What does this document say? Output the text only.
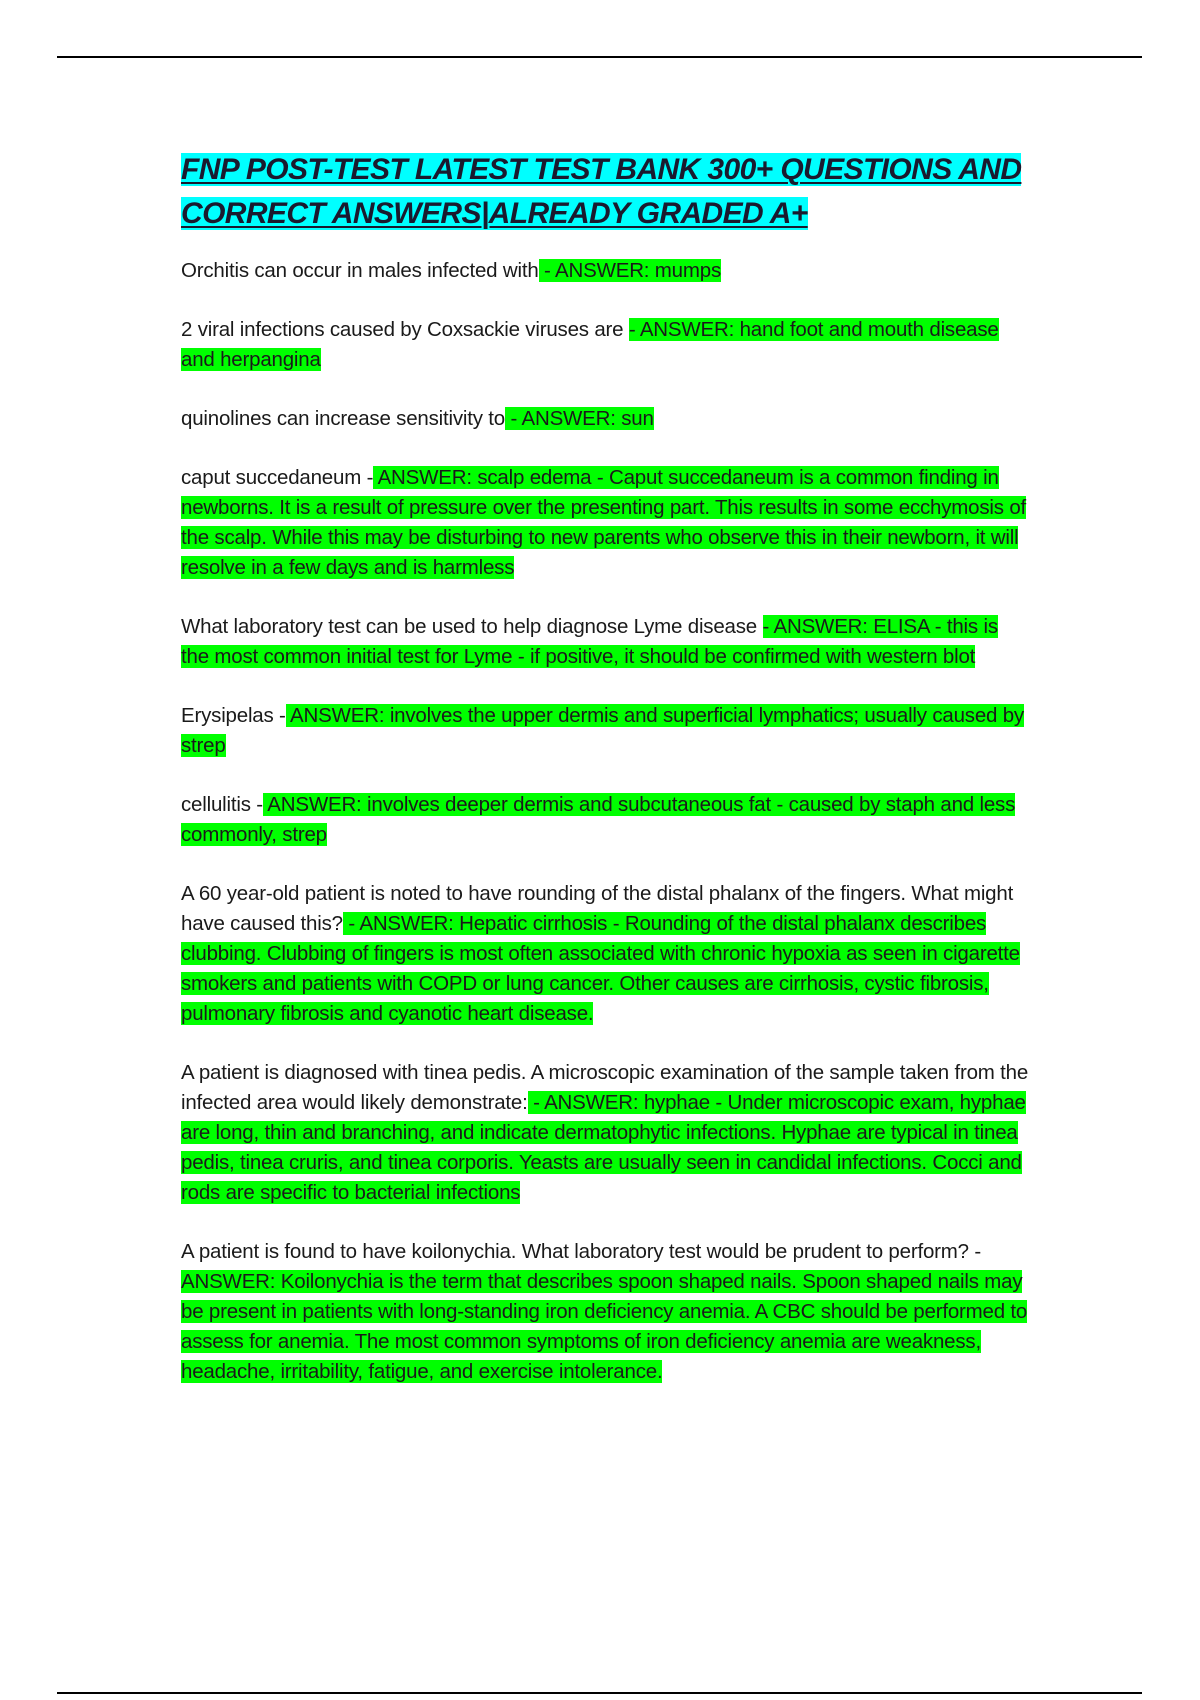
FNP POST-TEST LATEST TEST BANK 300+ QUESTIONS AND CORRECT ANSWERS|ALREADY GRADED A+

Orchitis can occur in males infected with - ANSWER: mumps

2 viral infections caused by Coxsackie viruses are - ANSWER: hand foot and mouth disease and herpangina

quinolines can increase sensitivity to - ANSWER: sun

caput succedaneum - ANSWER: scalp edema - Caput succedaneum is a common finding in newborns. It is a result of pressure over the presenting part. This results in some ecchymosis of the scalp. While this may be disturbing to new parents who observe this in their newborn, it will resolve in a few days and is harmless

What laboratory test can be used to help diagnose Lyme disease - ANSWER: ELISA - this is the most common initial test for Lyme - if positive, it should be confirmed with western blot

Erysipelas - ANSWER: involves the upper dermis and superficial lymphatics; usually caused by strep

cellulitis - ANSWER: involves deeper dermis and subcutaneous fat - caused by staph and less commonly, strep

A 60 year-old patient is noted to have rounding of the distal phalanx of the fingers. What might have caused this? - ANSWER: Hepatic cirrhosis - Rounding of the distal phalanx describes clubbing. Clubbing of fingers is most often associated with chronic hypoxia as seen in cigarette smokers and patients with COPD or lung cancer. Other causes are cirrhosis, cystic fibrosis, pulmonary fibrosis and cyanotic heart disease.

A patient is diagnosed with tinea pedis. A microscopic examination of the sample taken from the infected area would likely demonstrate: - ANSWER: hyphae - Under microscopic exam, hyphae are long, thin and branching, and indicate dermatophytic infections. Hyphae are typical in tinea pedis, tinea cruris, and tinea corporis. Yeasts are usually seen in candidal infections. Cocci and rods are specific to bacterial infections

A patient is found to have koilonychia. What laboratory test would be prudent to perform? - ANSWER: Koilonychia is the term that describes spoon shaped nails. Spoon shaped nails may be present in patients with long-standing iron deficiency anemia. A CBC should be performed to assess for anemia. The most common symptoms of iron deficiency anemia are weakness, headache, irritability, fatigue, and exercise intolerance.
